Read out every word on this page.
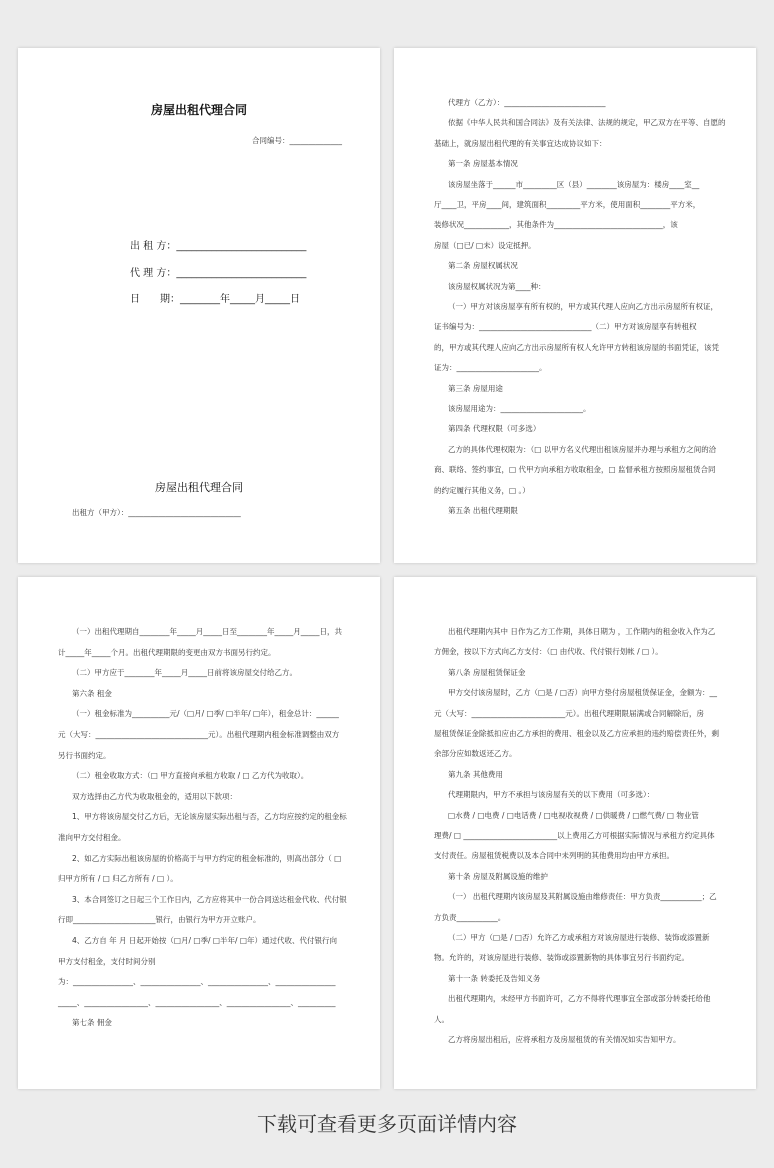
房屋出租代理合同
合同编号：______________
出 租 方：__________________________
代 理 方：__________________________
日　　期：________年_____月_____日
房屋出租代理合同
出租方（甲方）：______________________________
代理方（乙方）：___________________________
依据《中华人民共和国合同法》及有关法律、法规的规定，甲乙双方在平等、自愿的
基础上，就房屋出租代理的有关事宜达成协议如下：
第一条 房屋基本情况
该房屋坐落于______市_________区（县）________该房屋为：楼房____室__
厅____卫，平房____间，建筑面积_________平方米，使用面积________平方米，
装修状况____________，其他条件为_____________________________，该
房屋（□已/ □未）设定抵押。
第二条 房屋权属状况
该房屋权属状况为第____种：
（一）甲方对该房屋享有所有权的，甲方或其代理人应向乙方出示房屋所有权证，
证书编号为：______________________________（二）甲方对该房屋享有转租权
的，甲方或其代理人应向乙方出示房屋所有权人允许甲方转租该房屋的书面凭证，该凭
证为：______________________。
第三条 房屋用途
该房屋用途为：______________________。
第四条 代理权限（可多选）
乙方的具体代理权限为：（□ 以甲方名义代理出租该房屋并办理与承租方之间的洽
商、联络、签约事宜，□ 代甲方向承租方收取租金，□ 监督承租方按照房屋租赁合同
的约定履行其他义务，□ 。）
第五条 出租代理期限
（一）出租代理期自________年_____月_____日至________年_____月_____日，共
计_____年_____个月。出租代理期限的变更由双方书面另行约定。
（二）甲方应于________年_____月_____日前将该房屋交付给乙方。
第六条 租金
（一）租金标准为__________元/（□月/ □季/ □半年/ □年），租金总计：______
元（大写：______________________________元）。出租代理期内租金标准调整由双方
另行书面约定。
（二）租金收取方式：（□ 甲方直接向承租方收取 / □ 乙方代为收取）。
双方选择由乙方代为收取租金的，适用以下款项：
1、甲方将该房屋交付乙方后，无论该房屋实际出租与否，乙方均应按约定的租金标
准向甲方交付租金。
2、如乙方实际出租该房屋的价格高于与甲方约定的租金标准的，则高出部分（ □
归甲方所有 / □ 归乙方所有 / □ ）。
3、本合同签订之日起三个工作日内，乙方应将其中一份合同送达租金代收、代付银
行即______________________银行，由银行为甲方开立账户。
4、乙方自 年 月 日起开始按（□月/ □季/ □半年/ □年）通过代收、代付银行向
甲方支付租金，支付时间分别
为：________________、________________、________________、________________
_____、_________________、_________________、_________________、__________
第七条 佣金
出租代理期内其中 日作为乙方工作期，具体日期为 ，工作期内的租金收入作为乙
方佣金，按以下方式向乙方支付：（□ 由代收、代付银行划帐 / □ ）。
第八条 房屋租赁保证金
甲方交付该房屋时，乙方（□是 / □否）向甲方垫付房屋租赁保证金，金额为：__
元（大写：_________________________元）。出租代理期限届满或合同解除后，房
屋租赁保证金除抵扣应由乙方承担的费用、租金以及乙方应承担的违约赔偿责任外，剩
余部分应如数返还乙方。
第九条 其他费用
代理期限内，甲方不承担与该房屋有关的以下费用（可多选）：
□水费 / □电费 / □电话费 / □电视收视费 / □供暖费 / □燃气费/ □ 物业管
理费/ □ _________________________以上费用乙方可根据实际情况与承租方约定具体
支付责任。房屋租赁税费以及本合同中未列明的其他费用均由甲方承担。
第十条 房屋及附属设施的维护
（一） 出租代理期内该房屋及其附属设施由维修责任：甲方负责___________；乙
方负责___________。
（二）甲方（□是 / □否）允许乙方或承租方对该房屋进行装修、装饰或添置新
物。允许的，对该房屋进行装修、装饰或添置新物的具体事宜另行书面约定。
第十一条 转委托及告知义务
出租代理期内，未经甲方书面许可，乙方不得将代理事宜全部或部分转委托给他
人。
乙方将房屋出租后，应将承租方及房屋租赁的有关情况如实告知甲方。
下载可查看更多页面详情内容
